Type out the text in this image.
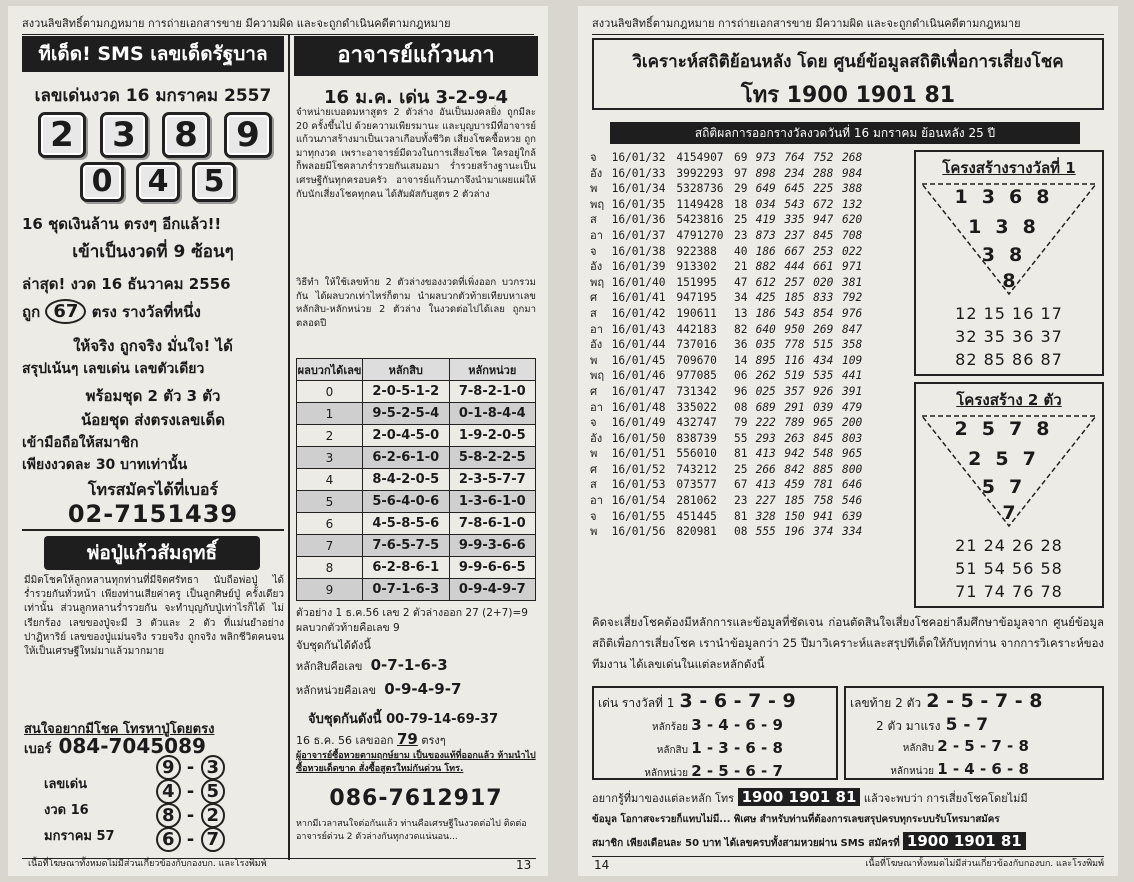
สงวนลิขสิทธิ์ตามกฎหมาย การถ่ายเอกสารขาย มีความผิด และจะถูกดำเนินคดีตามกฎหมาย
ทีเด็ด! SMS เลขเด็ดรัฐบาล
เลขเด่นงวด 16 มกราคม 2557
2	3	8	9
0	4	5
16 ชุดเงินล้าน ตรงๆ อีกแล้ว!!
เข้าเป็นงวดที่ 9 ซ้อนๆ
ล่าสุด! งวด 16 ธันวาคม 2556
ถูก 67 ตรง รางวัลที่หนึ่ง
ให้จริง ถูกจริง มั่นใจ! ได้
สรุปเน้นๆ เลขเด่น เลขตัวเดียว
พร้อมชุด 2 ตัว 3 ตัว
น้อยชุด ส่งตรงเลขเด็ด
เข้ามือถือให้สมาชิก
เพียงงวดละ 30 บาทเท่านั้น
โทรสมัครได้ที่เบอร์
02-7151439
พ่อปู่แก้วสัมฤทธิ์
มีมิตโชคให้ลูกหลานทุกท่านที่มีจิตศรัทธา นับถือพ่อปู่ ได้ร่ำรวยกันทั่วหน้า เพียงท่านเสียค่าครู เป็นลูกศิษย์ปู่ ครั้งเดียวเท่านั้น ส่วนลูกหลานร่ำรวยกัน จะทำบุญกับปู่เท่าไรก็ได้ ไม่เรียกร้อง เลขของปู่จะมี 3 ตัวและ 2 ตัว ที่แม่นยำอย่างปาฏิหาริย์ เลขของปู่แม่นจริง รวยจริง ถูกจริง พลิกชีวิตคนจนให้เป็นเศรษฐีใหม่มาแล้วมากมาย
สนใจอยากมีโชค โทรหาปู่โดยตรง
เบอร์ 084-7045089
เลขเด่น
งวด 16
มกราคม 57
9 - 3
4 - 5
8 - 2
6 - 7
อาจารย์แก้วนภา
16 ม.ค. เด่น 3-2-9-4
จำหน่ายเบอดมหาสูตร 2 ตัวล่าง อันเป็นมงคลยิ่ง ถูกมีละ 20 ครั้งขึ้นไป ด้วยความเพียรมานะ และบุญบารมีที่อาจารย์แก้วนภาสร้างมาเป็นเวลาเกือบทั้งชีวิต เสี่ยงโชคซื้อหวย ถูกมาทุกงวด เพราะอาจารย์มีดวงในการเสี่ยงโชค ใครอยู่ใกล้ก็พลอยมีโชคลาภร่ำรวยกันเสมอมา ร่ำรวยสร้างฐานะเป็นเศรษฐีกันทุกครอบครัว อาจารย์แก้วนภาจึงนำมาเผยแผ่ให้กับนักเสี่ยงโชคทุกคน ได้สัมผัสกับสูตร 2 ตัวล่าง
วิธีทำ ให้ใช้เลขท้าย 2 ตัวล่างของงวดที่เพิ่งออก บวกรวมกัน ได้ผลบวกเท่าไหร่ก็ตาม นำผลบวกตัวท้ายเทียบหาเลขหลักสิบ-หลักหน่วย 2 ตัวล่าง ในงวดต่อไปได้เลย ถูกมาตลอดปี
ผลบวกได้เลข	หลักสิบ	หลักหน่วย
0	2-0-5-1-2	7-8-2-1-0
1	9-5-2-5-4	0-1-8-4-4
2	2-0-4-5-0	1-9-2-0-5
3	6-2-6-1-0	5-8-2-2-5
4	8-4-2-0-5	2-3-5-7-7
5	5-6-4-0-6	1-3-6-1-0
6	4-5-8-5-6	7-8-6-1-0
7	7-6-5-7-5	9-9-3-6-6
8	6-2-8-6-1	9-9-6-6-5
9	0-7-1-6-3	0-9-4-9-7
ตัวอย่าง 1 ธ.ค.56 เลข 2 ตัวล่างออก 27 (2+7)=9 ผลบวกตัวท้ายคือเลข 9
จับชุดกันได้ดังนี้
หลักสิบคือเลข 0-7-1-6-3
หลักหน่วยคือเลข 0-9-4-9-7
จับชุดกันดังนี้ 00-79-14-69-37
16 ธ.ค. 56 เลขออก 79 ตรงๆ
ผู้อาจารย์ซื้อหวยตามฤกษ์ยาม เป็นของแท้ที่ออกแล้ว ห้ามนำไปซื้อหวยเด็ดขาด สั่งซื้อสูตรใหม่กันด่วน โทร.
086-7612917
หากมีเวลาสนใจต่อกันแล้ว ท่านคือเศรษฐีในงวดต่อไป ติดต่ออาจารย์ด่วน 2 ตัวล่างกันทุกงวดแน่นอน...
เนื้อที่โฆษณาทั้งหมดไม่มีส่วนเกี่ยวข้องกับกองบก. และโรงพิมพ์	13
สงวนลิขสิทธิ์ตามกฎหมาย การถ่ายเอกสารขาย มีความผิด และจะถูกดำเนินคดีตามกฎหมาย
วิเคราะห์สถิติย้อนหลัง โดย ศูนย์ข้อมูลสถิติเพื่อการเสี่ยงโชค
โทร 1900 1901 81
สถิติผลการออกรางวัลงวดวันที่ 16 มกราคม ย้อนหลัง 25 ปี
จ 16/01/32 4154907 69 973 764 752 268
อัง 16/01/33 3992293 97 898 234 288 984
พ 16/01/34 5328736 29 649 645 225 388
พฤ 16/01/35 1149428 18 034 543 672 132
ส 16/01/36 5423816 25 419 335 947 620
อา 16/01/37 4791270 23 873 237 845 708
จ 16/01/38 922388 40 186 667 253 022
อัง 16/01/39 913302 21 882 444 661 971
พฤ 16/01/40 151995 47 612 257 020 381
ศ 16/01/41 947195 34 425 185 833 792
ส 16/01/42 190611 13 186 543 854 976
อา 16/01/43 442183 82 640 950 269 847
อัง 16/01/44 737016 36 035 778 515 358
พ 16/01/45 709670 14 895 116 434 109
พฤ 16/01/46 977085 06 262 519 535 441
ศ 16/01/47 731342 96 025 357 926 391
อา 16/01/48 335022 08 689 291 039 479
จ 16/01/49 432747 79 222 789 965 200
อัง 16/01/50 838739 55 293 263 845 803
พ 16/01/51 556010 81 413 942 548 965
ศ 16/01/52 743212 25 266 842 885 800
ส 16/01/53 073577 67 413 459 781 646
อา 16/01/54 281062 23 227 185 758 546
จ 16/01/55 451445 81 328 150 941 639
พ 16/01/56 820981 08 555 196 374 334
โครงสร้างรางวัลที่ 1
1368
138
38
8
12 15 16 17
32 35 36 37
82 85 86 87
โครงสร้าง 2 ตัว
2578
257
57
7
21 24 26 28
51 54 56 58
71 74 76 78
คิดจะเสี่ยงโชคต้องมีหลักการและข้อมูลที่ชัดเจน ก่อนตัดสินใจเสี่ยงโชคอย่าลืมศึกษาข้อมูลจาก ศูนย์ข้อมูลสถิติเพื่อการเสี่ยงโชค เรานำข้อมูลกว่า 25 ปีมาวิเคราะห์และสรุปทีเด็ดให้กับทุกท่าน จากการวิเคราะห์ของทีมงาน ได้เลขเด่นในแต่ละหลักดังนี้
เด่น รางวัลที่ 1 3 - 6 - 7 - 9
หลักร้อย 3 - 4 - 6 - 9
หลักสิบ 1 - 3 - 6 - 8
หลักหน่วย 2 - 5 - 6 - 7
เลขท้าย 2 ตัว 2 - 5 - 7 - 8
2 ตัว มาแรง 5 - 7
หลักสิบ 2 - 5 - 7 - 8
หลักหน่วย 1 - 4 - 6 - 8
อยากรู้ที่มาของแต่ละหลัก โทร 1900 1901 81 แล้วจะพบว่า การเสี่ยงโชคโดยไม่มี
ข้อมูล โอกาสจะรวยก็แทบไม่มี... พิเศษ สำหรับท่านที่ต้องการเลขสรุปครบทุกระบบรับโทรมาสมัคร
สมาชิก เพียงเดือนละ 50 บาท ได้เลขครบทั้งสามหวยผ่าน SMS สมัครที่ 1900 1901 81
14	เนื้อที่โฆษณาทั้งหมดไม่มีส่วนเกี่ยวข้องกับกองบก. และโรงพิมพ์
